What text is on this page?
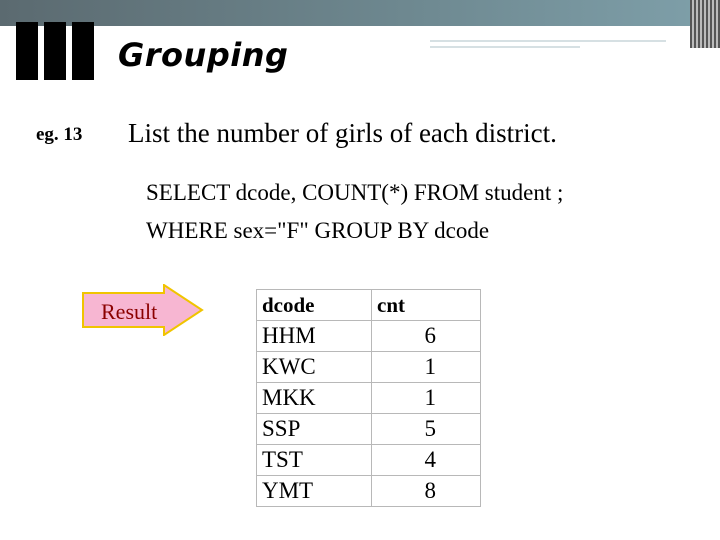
Grouping
eg. 13 List the number of girls of each district.
SELECT dcode, COUNT(*) FROM student ;
WHERE sex="F" GROUP BY dcode
Result	dcode	cnt
HHM	6
KWC	1
MKK	1
SSP	5
TST	4
YMT	8
